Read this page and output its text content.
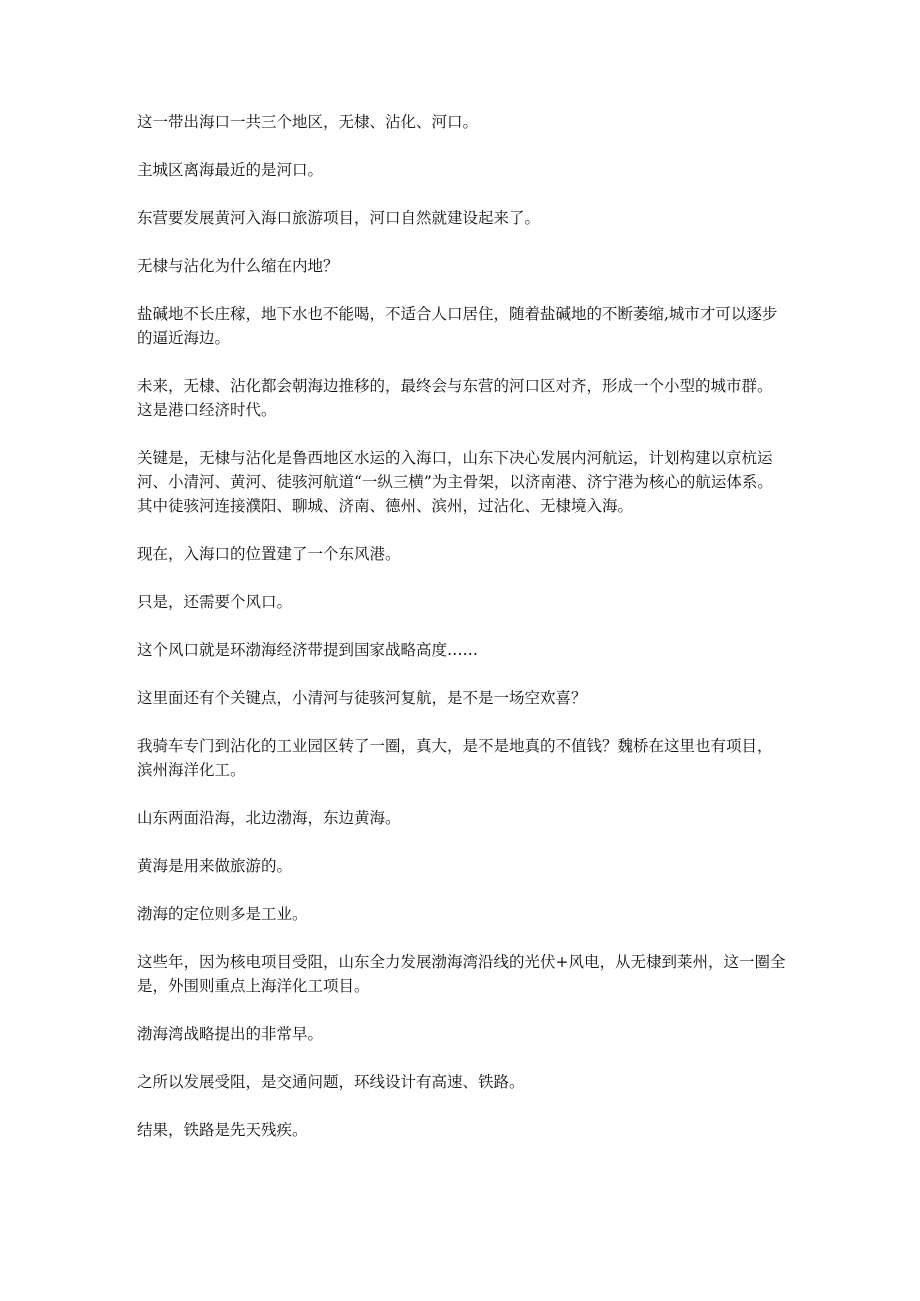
这一带出海口一共三个地区，无棣、沾化、河口。

主城区离海最近的是河口。

东营要发展黄河入海口旅游项目，河口自然就建设起来了。

无棣与沾化为什么缩在内地？

盐碱地不长庄稼，地下水也不能喝，不适合人口居住，随着盐碱地的不断萎缩,城市才可以逐步的逼近海边。

未来，无棣、沾化都会朝海边推移的，最终会与东营的河口区对齐，形成一个小型的城市群。这是港口经济时代。

关键是，无棣与沾化是鲁西地区水运的入海口，山东下决心发展内河航运，计划构建以京杭运河、小清河、黄河、徒骇河航道“一纵三横”为主骨架，以济南港、济宁港为核心的航运体系。其中徒骇河连接濮阳、聊城、济南、德州、滨州，过沾化、无棣境入海。

现在，入海口的位置建了一个东风港。

只是，还需要个风口。

这个风口就是环渤海经济带提到国家战略高度……

这里面还有个关键点，小清河与徒骇河复航，是不是一场空欢喜？

我骑车专门到沾化的工业园区转了一圈，真大，是不是地真的不值钱？魏桥在这里也有项目，滨州海洋化工。

山东两面沿海，北边渤海，东边黄海。

黄海是用来做旅游的。

渤海的定位则多是工业。

这些年，因为核电项目受阻，山东全力发展渤海湾沿线的光伏+风电，从无棣到莱州，这一圈全是，外围则重点上海洋化工项目。

渤海湾战略提出的非常早。

之所以发展受阻，是交通问题，环线设计有高速、铁路。

结果，铁路是先天残疾。
